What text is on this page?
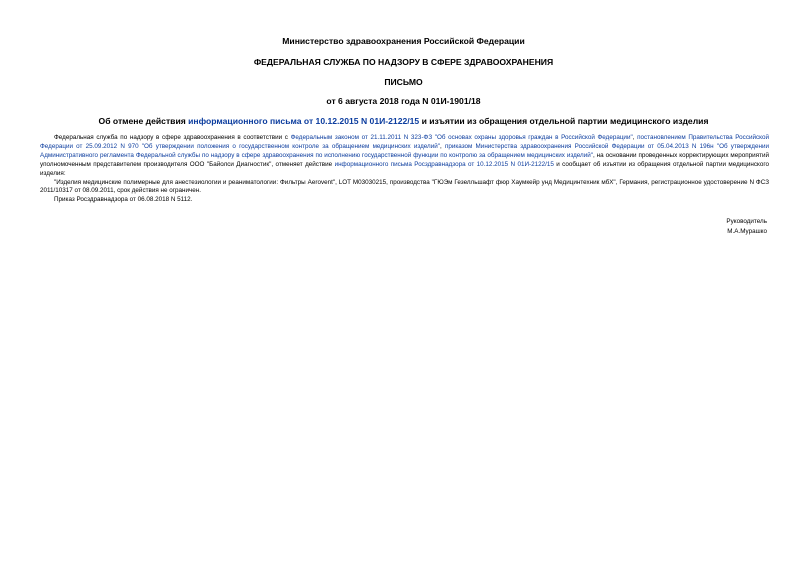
Министерство здравоохранения Российской Федерации
ФЕДЕРАЛЬНАЯ СЛУЖБА ПО НАДЗОРУ В СФЕРЕ ЗДРАВООХРАНЕНИЯ
ПИСЬМО
от 6 августа 2018 года N 01И-1901/18
Об отмене действия информационного письма от 10.12.2015 N 01И-2122/15 и изъятии из обращения отдельной партии медицинского изделия

Федеральная служба по надзору в сфере здравоохранения в соответствии с Федеральным законом от 21.11.2011 N 323-ФЗ "Об основах охраны здоровья граждан в Российской Федерации", постановлением Правительства Российской Федерации от 25.09.2012 N 970 "Об утверждении положения о государственном контроле за обращением медицинских изделий", приказом Министерства здравоохранения Российской Федерации от 05.04.2013 N 196н "Об утверждении Административного регламента Федеральной службы по надзору в сфере здравоохранения по исполнению государственной функции по контролю за обращением медицинских изделий", на основании проведенных корректирующих мероприятий уполномоченным представителем производителя ООО "Байолси Диагностик", отменяет действие информационного письма Росздравнадзора от 10.12.2015 N 01И-2122/15 и сообщает об изъятии из обращения отдельной партии медицинского изделия:

"Изделия медицинские полимерные для анестезиологии и реаниматологии: Фильтры Aerovent", LOT M03030215, производства "ГЮЭм Гезелльшафт фюр Хаумкейр унд Медицинтехник мбХ", Германия, регистрационное удостоверение N ФСЗ 2011/10317 от 08.09.2011, срок действия не ограничен.

Приказ Росздравнадзора от 06.08.2018 N 5112.

Руководитель
М.А.Мурашко
